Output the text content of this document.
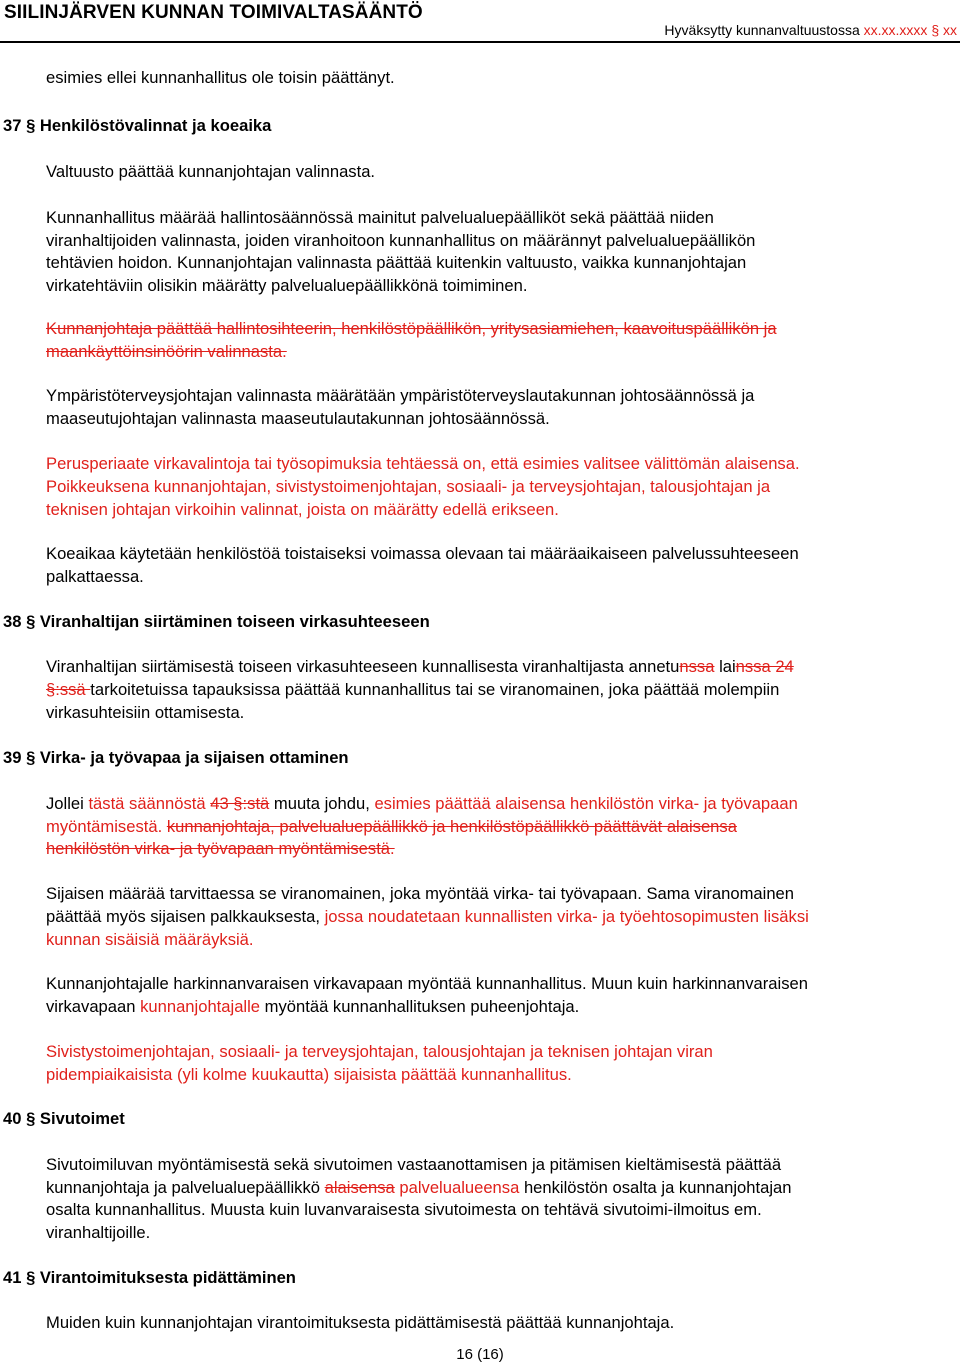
SIILINJÄRVEN KUNNAN TOIMIVALTASÄÄNTÖ
Hyväksytty kunnanvaltuustossa xx.xx.xxxx § xx
esimies ellei kunnanhallitus ole toisin päättänyt.
37 § Henkilöstövalinnat ja koeaika
Valtuusto päättää kunnanjohtajan valinnasta.
Kunnanhallitus määrää hallintosäännössä mainitut palvelualuepäälliköt sekä päättää niiden
viranhaltijoiden valinnasta, joiden viranhoitoon kunnanhallitus on määrännyt palvelualuepäällikön
tehtävien hoidon. Kunnanjohtajan valinnasta päättää kuitenkin valtuusto, vaikka kunnanjohtajan
virkatehtäviin olisikin määrätty palvelualuepäällikkönä toimiminen.
Kunnanjohtaja päättää hallintosihteerin, henkilöstöpäällikön, yritysasiamiehen, kaavoituspäällikön ja
maankäyttöinsinöörin valinnasta.
Ympäristöterveysjohtajan valinnasta määrätään ympäristöterveyslautakunnan johtosäännössä ja
maaseutujohtajan valinnasta maaseutulautakunnan johtosäännössä.
Perusperiaate virkavalintoja tai työsopimuksia tehtäessä on, että esimies valitsee välittömän alaisensa.
Poikkeuksena kunnanjohtajan, sivistystoimenjohtajan, sosiaali- ja terveysjohtajan, talousjohtajan ja
teknisen johtajan virkoihin valinnat, joista on määrätty edellä erikseen.
Koeaikaa käytetään henkilöstöä toistaiseksi voimassa olevaan tai määräaikaiseen palvelussuhteeseen
palkattaessa.
38 § Viranhaltijan siirtäminen toiseen virkasuhteeseen
Viranhaltijan siirtämisestä toiseen virkasuhteeseen kunnallisesta viranhaltijasta annetunssa lainssa 24
§:ssä tarkoitetuissa tapauksissa päättää kunnanhallitus tai se viranomainen, joka päättää molempiin
virkasuhteisiin ottamisesta.
39 § Virka- ja työvapaa ja sijaisen ottaminen
Jollei tästä säännöstä 43 §:stä muuta johdu, esimies päättää alaisensa henkilöstön virka- ja työvapaan
myöntämisestä. kunnanjohtaja, palvelualuepäällikkö ja henkilöstöpäällikkö päättävät alaisensa
henkilöstön virka- ja työvapaan myöntämisestä.
Sijaisen määrää tarvittaessa se viranomainen, joka myöntää virka- tai työvapaan. Sama viranomainen
päättää myös sijaisen palkkauksesta, jossa noudatetaan kunnallisten virka- ja työehtosopimusten lisäksi
kunnan sisäisiä määräyksiä.
Kunnanjohtajalle harkinnanvaraisen virkavapaan myöntää kunnanhallitus. Muun kuin harkinnanvaraisen
virkavapaan kunnanjohtajalle myöntää kunnanhallituksen puheenjohtaja.
Sivistystoimenjohtajan, sosiaali- ja terveysjohtajan, talousjohtajan ja teknisen johtajan viran
pidempiaikaisista (yli kolme kuukautta) sijaisista päättää kunnanhallitus.
40 § Sivutoimet
Sivutoimiluvan myöntämisestä sekä sivutoimen vastaanottamisen ja pitämisen kieltämisestä päättää
kunnanjohtaja ja palvelualuepäällikkö alaisensa palvelualueensa henkilöstön osalta ja kunnanjohtajan
osalta kunnanhallitus. Muusta kuin luvanvaraisesta sivutoimesta on tehtävä sivutoimi-ilmoitus em.
viranhaltijoille.
41 § Virantoimituksesta pidättäminen
Muiden kuin kunnanjohtajan virantoimituksesta pidättämisestä päättää kunnanjohtaja.
16 (16)
